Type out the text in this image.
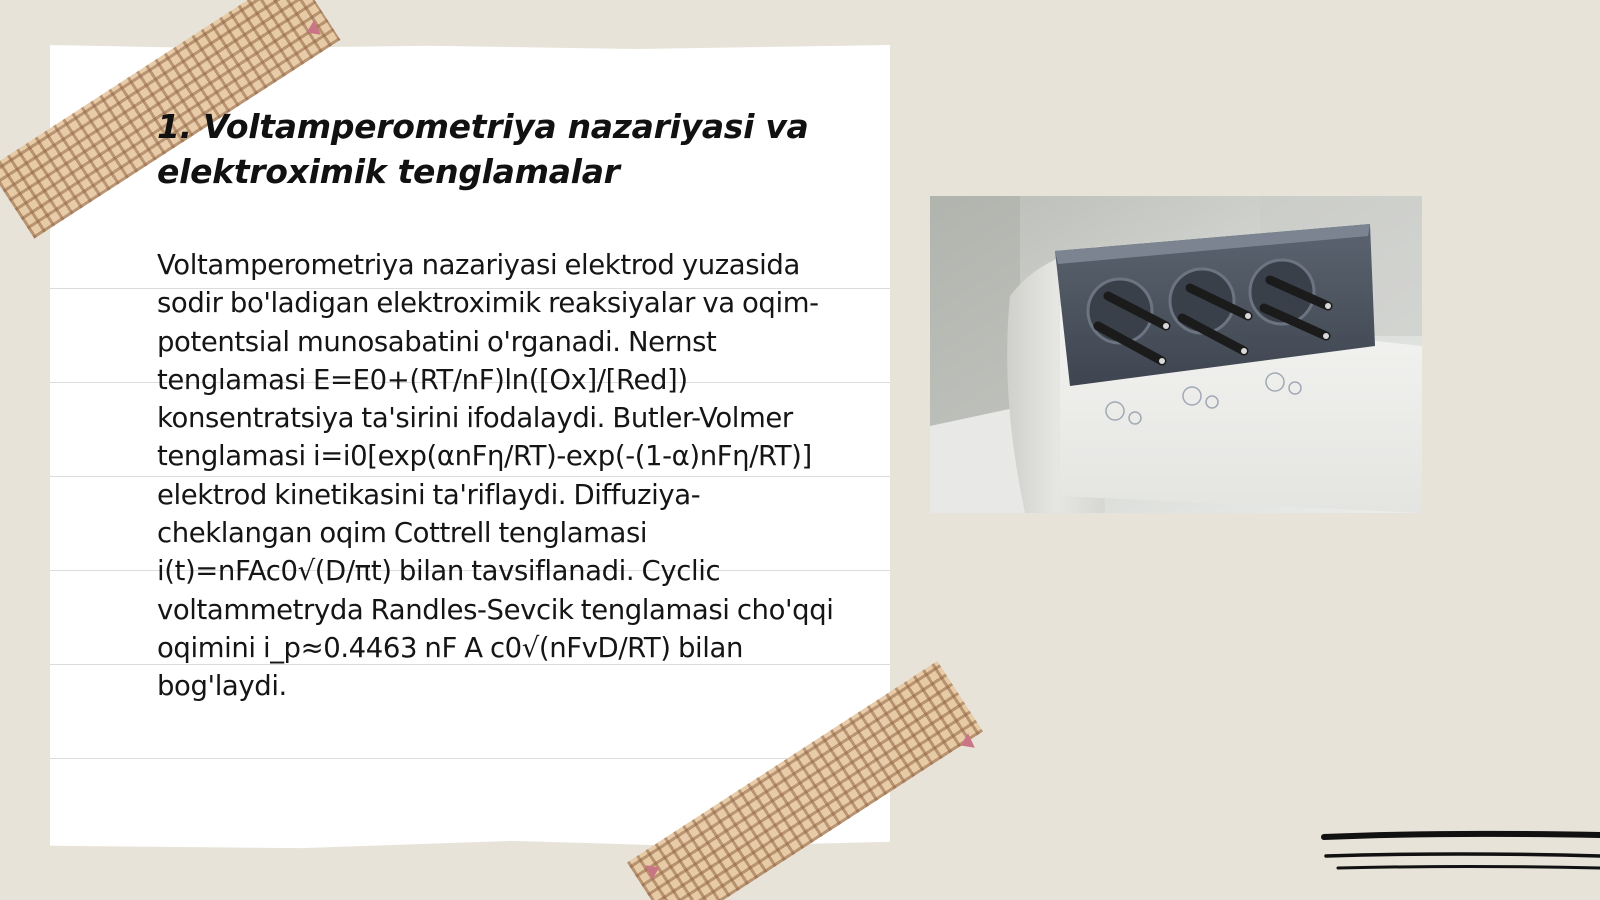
1. Voltamperometriya nazariyasi va elektroximik tenglamalar

Voltamperometriya nazariyasi elektrod yuzasida sodir bo'ladigan elektroximik reaksiyalar va oqim-potentsial munosabatini o'rganadi. Nernst tenglamasi E=E0+(RT/nF)ln([Ox]/[Red]) konsentratsiya ta'sirini ifodalaydi. Butler-Volmer tenglamasi i=i0[exp(αnFη/RT)-exp(-(1-α)nFη/RT)] elektrod kinetikasini ta'riflaydi. Diffuziya-cheklangan oqim Cottrell tenglamasi i(t)=nFAc0√(D/πt) bilan tavsiflanadi. Cyclic voltammetryda Randles-Sevcik tenglamasi cho'qqi oqimini i_p≈0.4463 nF A c0√(nFvD/RT) bilan bog'laydi.
